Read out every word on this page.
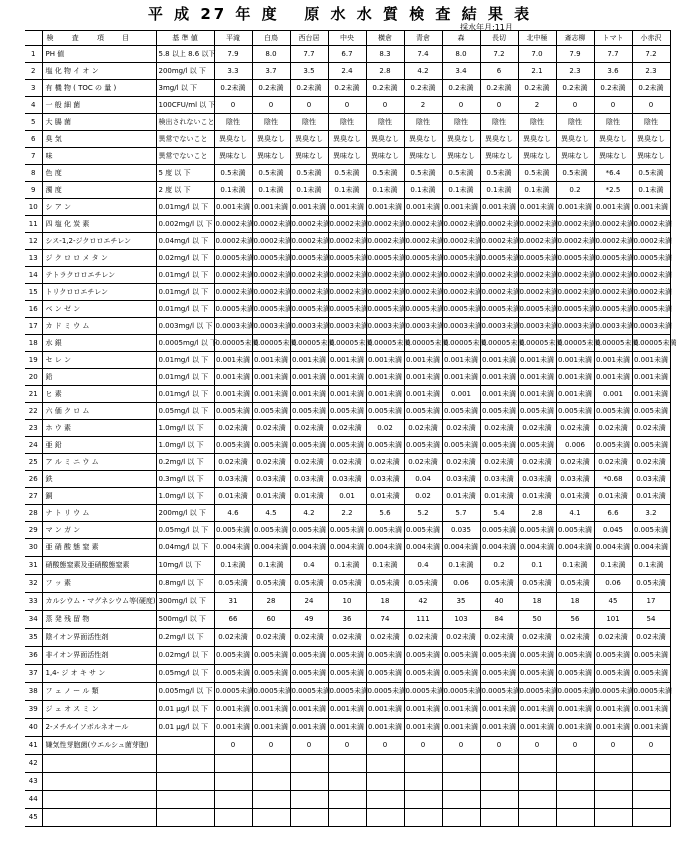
平 成 27 年 度   原 水 水 質 検 査 結 果 表
採水年月:11月
	検 査 項 目	基 準 値	平滝	白鳥	西台居	中央	横倉	青倉	森	長切	北中極	斎志柳	トマト	小赤沢
1	PH 値	5.8 以上 8.6 以下	7.9	8.0	7.7	6.7	8.3	7.4	8.0	7.2	7.0	7.9	7.7	7.2
2	塩 化 物 イ オ ン	200mg/l 以 下	3.3	3.7	3.5	2.4	2.8	4.2	3.4	6	2.1	2.3	3.6	2.3
3	有 機 物 ( TOC の 量 )	3mg/l 以 下	0.2未満	0.2未満	0.2未満	0.2未満	0.2未満	0.2未満	0.2未満	0.2未満	0.2未満	0.2未満	0.2未満	0.2未満
4	一 般 細 菌	100CFU/ml 以 下	0	0	0	0	0	2	0	0	2	0	0	0
5	大 腸 菌	検出されないこと	陰性	陰性	陰性	陰性	陰性	陰性	陰性	陰性	陰性	陰性	陰性	陰性
6	臭 気	異常でないこと	異臭なし	異臭なし	異臭なし	異臭なし	異臭なし	異臭なし	異臭なし	異臭なし	異臭なし	異臭なし	異臭なし	異臭なし
7	味	異常でないこと	異味なし	異味なし	異味なし	異味なし	異味なし	異味なし	異味なし	異味なし	異味なし	異味なし	異味なし	異味なし
8	色 度	5 度 以 下	0.5未満	0.5未満	0.5未満	0.5未満	0.5未満	0.5未満	0.5未満	0.5未満	0.5未満	0.5未満	*6.4	0.5未満
9	濁 度	2 度 以 下	0.1未満	0.1未満	0.1未満	0.1未満	0.1未満	0.1未満	0.1未満	0.1未満	0.1未満	0.2	*2.5	0.1未満
10	シ ア ン	0.01mg/l 以 下	0.001未満	0.001未満	0.001未満	0.001未満	0.001未満	0.001未満	0.001未満	0.001未満	0.001未満	0.001未満	0.001未満	0.001未満
11	四 塩 化 炭 素	0.002mg/l 以 下	0.0002未満	0.0002未満	0.0002未満	0.0002未満	0.0002未満	0.0002未満	0.0002未満	0.0002未満	0.0002未満	0.0002未満	0.0002未満	0.0002未満
12	シス-1,2-ジクロロエチレン	0.04mg/l 以 下	0.0002未満	0.0002未満	0.0002未満	0.0002未満	0.0002未満	0.0002未満	0.0002未満	0.0002未満	0.0002未満	0.0002未満	0.0002未満	0.0002未満
13	ジ ク ロ ロ メ タ ン	0.02mg/l 以 下	0.0005未満	0.0005未満	0.0005未満	0.0005未満	0.0005未満	0.0005未満	0.0005未満	0.0005未満	0.0005未満	0.0005未満	0.0005未満	0.0005未満
14	テトラクロロエチレン	0.01mg/l 以 下	0.0002未満	0.0002未満	0.0002未満	0.0002未満	0.0002未満	0.0002未満	0.0002未満	0.0002未満	0.0002未満	0.0002未満	0.0002未満	0.0002未満
15	トリクロロエチレン	0.01mg/l 以 下	0.0002未満	0.0002未満	0.0002未満	0.0002未満	0.0002未満	0.0002未満	0.0002未満	0.0002未満	0.0002未満	0.0002未満	0.0002未満	0.0002未満
16	ベ ン ゼ ン	0.01mg/l 以 下	0.0005未満	0.0005未満	0.0005未満	0.0005未満	0.0005未満	0.0005未満	0.0005未満	0.0005未満	0.0005未満	0.0005未満	0.0005未満	0.0005未満
17	カ ド ミ ウ ム	0.003mg/l 以 下	0.0003未満	0.0003未満	0.0003未満	0.0003未満	0.0003未満	0.0003未満	0.0003未満	0.0003未満	0.0003未満	0.0003未満	0.0003未満	0.0003未満
18	水 銀	0.0005mg/l 以 下	0.00005未満	0.00005未満	0.00005未満	0.00005未満	0.00005未満	0.00005未満	0.00005未満	0.00005未満	0.00005未満	0.00005未満	0.00005未満	0.00005未満
19	セ レ ン	0.01mg/l 以 下	0.001未満	0.001未満	0.001未満	0.001未満	0.001未満	0.001未満	0.001未満	0.001未満	0.001未満	0.001未満	0.001未満	0.001未満
20	鉛	0.01mg/l 以 下	0.001未満	0.001未満	0.001未満	0.001未満	0.001未満	0.001未満	0.001未満	0.001未満	0.001未満	0.001未満	0.001未満	0.001未満
21	ヒ 素	0.01mg/l 以 下	0.001未満	0.001未満	0.001未満	0.001未満	0.001未満	0.001未満	0.001	0.001未満	0.001未満	0.001未満	0.001	0.001未満
22	六 価 ク ロ ム	0.05mg/l 以 下	0.005未満	0.005未満	0.005未満	0.005未満	0.005未満	0.005未満	0.005未満	0.005未満	0.005未満	0.005未満	0.005未満	0.005未満
23	ホ ウ 素	1.0mg/l 以 下	0.02未満	0.02未満	0.02未満	0.02未満	0.02	0.02未満	0.02未満	0.02未満	0.02未満	0.02未満	0.02未満	0.02未満
24	亜 鉛	1.0mg/l 以 下	0.005未満	0.005未満	0.005未満	0.005未満	0.005未満	0.005未満	0.005未満	0.005未満	0.005未満	0.006	0.005未満	0.005未満
25	ア ル ミ ニ ウ ム	0.2mg/l 以 下	0.02未満	0.02未満	0.02未満	0.02未満	0.02未満	0.02未満	0.02未満	0.02未満	0.02未満	0.02未満	0.02未満	0.02未満
26	鉄	0.3mg/l 以 下	0.03未満	0.03未満	0.03未満	0.03未満	0.03未満	0.04	0.03未満	0.03未満	0.03未満	0.03未満	*0.68	0.03未満
27	銅	1.0mg/l 以 下	0.01未満	0.01未満	0.01未満	0.01	0.01未満	0.02	0.01未満	0.01未満	0.01未満	0.01未満	0.01未満	0.01未満
28	ナ ト リ ウ ム	200mg/l 以 下	4.6	4.5	4.2	2.2	5.6	5.2	5.7	5.4	2.8	4.1	6.6	3.2
29	マ ン ガ ン	0.05mg/l 以 下	0.005未満	0.005未満	0.005未満	0.005未満	0.005未満	0.005未満	0.035	0.005未満	0.005未満	0.005未満	0.045	0.005未満
30	亜 硝 酸 態 窒 素	0.04mg/l 以 下	0.004未満	0.004未満	0.004未満	0.004未満	0.004未満	0.004未満	0.004未満	0.004未満	0.004未満	0.004未満	0.004未満	0.004未満
31	硝酸態窒素及亜硝酸態窒素	10mg/l 以 下	0.1未満	0.1未満	0.4	0.1未満	0.1未満	0.4	0.1未満	0.2	0.1	0.1未満	0.1未満	0.1未満
32	フ ッ 素	0.8mg/l 以 下	0.05未満	0.05未満	0.05未満	0.05未満	0.05未満	0.05未満	0.06	0.05未満	0.05未満	0.05未満	0.06	0.05未満
33	カルシウム・マグネシウム等(硬度)	300mg/l 以 下	31	28	24	10	18	42	35	40	18	18	45	17
34	蒸 発 残 留 物	500mg/l 以 下	66	60	49	36	74	111	103	84	50	56	101	54
35	陰イオン界面活性剤	0.2mg/l 以 下	0.02未満	0.02未満	0.02未満	0.02未満	0.02未満	0.02未満	0.02未満	0.02未満	0.02未満	0.02未満	0.02未満	0.02未満
36	非イオン界面活性剤	0.02mg/l 以 下	0.005未満	0.005未満	0.005未満	0.005未満	0.005未満	0.005未満	0.005未満	0.005未満	0.005未満	0.005未満	0.005未満	0.005未満
37	1,4- ジ オ キ サ ン	0.05mg/l 以 下	0.005未満	0.005未満	0.005未満	0.005未満	0.005未満	0.005未満	0.005未満	0.005未満	0.005未満	0.005未満	0.005未満	0.005未満
38	フ ェ ノ ー ル 類	0.005mg/l 以 下	0.0005未満	0.0005未満	0.0005未満	0.0005未満	0.0005未満	0.0005未満	0.0005未満	0.0005未満	0.0005未満	0.0005未満	0.0005未満	0.0005未満
39	ジ ェ オ ス ミ ン	0.01 μg/l 以 下	0.001未満	0.001未満	0.001未満	0.001未満	0.001未満	0.001未満	0.001未満	0.001未満	0.001未満	0.001未満	0.001未満	0.001未満
40	2-メチルイソボルネオール	0.01 μg/l 以 下	0.001未満	0.001未満	0.001未満	0.001未満	0.001未満	0.001未満	0.001未満	0.001未満	0.001未満	0.001未満	0.001未満	0.001未満
41	嫌気性芽胞菌(ウエルシュ菌芽胞)		0	0	0	0	0	0	0	0	0	0	0	0
42														
43														
44														
45														
